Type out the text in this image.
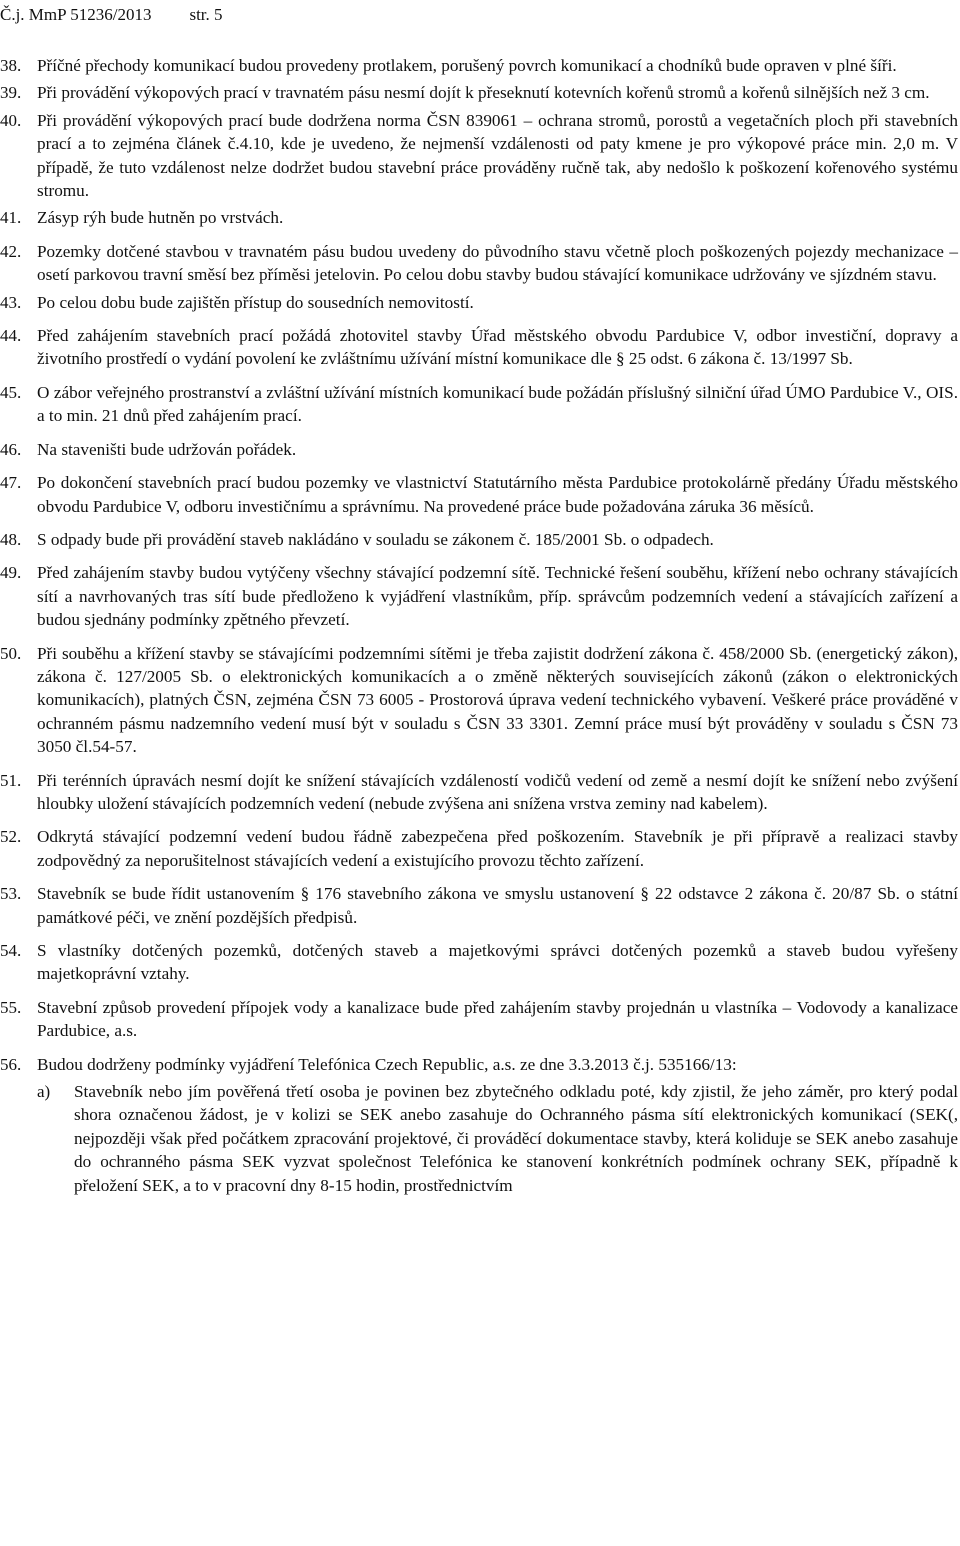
Č.j. MmP 51236/2013 str. 5
38. Příčné přechody komunikací budou provedeny protlakem, porušený povrch komunikací a chodníků bude opraven v plné šíři.

39. Při provádění výkopových prací v travnatém pásu nesmí dojít k přeseknutí kotevních kořenů stromů a kořenů silnějších než 3 cm.

40. Při provádění výkopových prací bude dodržena norma ČSN 839061 – ochrana stromů, porostů a vegetačních ploch při stavebních prací a to zejména článek č.4.10, kde je uvedeno, že nejmenší vzdálenosti od paty kmene je pro výkopové práce min. 2,0 m. V případě, že tuto vzdálenost nelze dodržet budou stavební práce prováděny ručně tak, aby nedošlo k poškození kořenového systému stromu.

41. Zásyp rýh bude hutněn po vrstvách.

42. Pozemky dotčené stavbou v travnatém pásu budou uvedeny do původního stavu včetně ploch poškozených pojezdy mechanizace – osetí parkovou travní směsí bez příměsi jetelovin. Po celou dobu stavby budou stávající komunikace udržovány ve sjízdném stavu.

43. Po celou dobu bude zajištěn přístup do sousedních nemovitostí.

44. Před zahájením stavebních prací požádá zhotovitel stavby Úřad městského obvodu Pardubice V, odbor investiční, dopravy a životního prostředí o vydání povolení ke zvláštnímu užívání místní komunikace dle § 25 odst. 6 zákona č. 13/1997 Sb.

45. O zábor veřejného prostranství a zvláštní užívání místních komunikací bude požádán příslušný silniční úřad ÚMO Pardubice V., OIS. a to min. 21 dnů před zahájením prací.

46. Na staveništi bude udržován pořádek.

47. Po dokončení stavebních prací budou pozemky ve vlastnictví Statutárního města Pardubice protokolárně předány Úřadu městského obvodu Pardubice V, odboru investičnímu a správnímu. Na provedené práce bude požadována záruka 36 měsíců.

48. S odpady bude při provádění staveb nakládáno v souladu se zákonem č. 185/2001 Sb. o odpadech.

49. Před zahájením stavby budou vytýčeny všechny stávající podzemní sítě. Technické řešení souběhu, křížení nebo ochrany stávajících sítí a navrhovaných tras sítí bude předloženo k vyjádření vlastníkům, příp. správcům podzemních vedení a stávajících zařízení a budou sjednány podmínky zpětného převzetí.

50. Při souběhu a křížení stavby se stávajícími podzemními sítěmi je třeba zajistit dodržení zákona č. 458/2000 Sb. (energetický zákon), zákona č. 127/2005 Sb. o elektronických komunikacích a o změně některých souvisejících zákonů (zákon o elektronických komunikacích), platných ČSN, zejména ČSN 73 6005 - Prostorová úprava vedení technického vybavení. Veškeré práce prováděné v ochranném pásmu nadzemního vedení musí být v souladu s ČSN 33 3301. Zemní práce musí být prováděny v souladu s ČSN 73 3050 čl.54-57.

51. Při terénních úpravách nesmí dojít ke snížení stávajících vzdáleností vodičů vedení od země a nesmí dojít ke snížení nebo zvýšení hloubky uložení stávajících podzemních vedení (nebude zvýšena ani snížena vrstva zeminy nad kabelem).

52. Odkrytá stávající podzemní vedení budou řádně zabezpečena před poškozením. Stavebník je při přípravě a realizaci stavby zodpovědný za neporušitelnost stávajících vedení a existujícího provozu těchto zařízení.

53. Stavebník se bude řídit ustanovením § 176 stavebního zákona ve smyslu ustanovení § 22 odstavce 2 zákona č. 20/87 Sb. o státní památkové péči, ve znění pozdějších předpisů.

54. S vlastníky dotčených pozemků, dotčených staveb a majetkovými správci dotčených pozemků a staveb budou vyřešeny majetkoprávní vztahy.

55. Stavební způsob provedení přípojek vody a kanalizace bude před zahájením stavby projednán u vlastníka – Vodovody a kanalizace Pardubice, a.s.

56. Budou dodrženy podmínky vyjádření Telefónica Czech Republic, a.s. ze dne 3.3.2013 č.j. 535166/13:

a) Stavebník nebo jím pověřená třetí osoba je povinen bez zbytečného odkladu poté, kdy zjistil, že jeho záměr, pro který podal shora označenou žádost, je v kolizi se SEK anebo zasahuje do Ochranného pásma sítí elektronických komunikací (SEK(, nejpozději však před počátkem zpracování projektové, či prováděcí dokumentace stavby, která koliduje se SEK anebo zasahuje do ochranného pásma SEK vyzvat společnost Telefónica ke stanovení konkrétních podmínek ochrany SEK, případně k přeložení SEK, a to v pracovní dny 8-15 hodin, prostřednictvím
